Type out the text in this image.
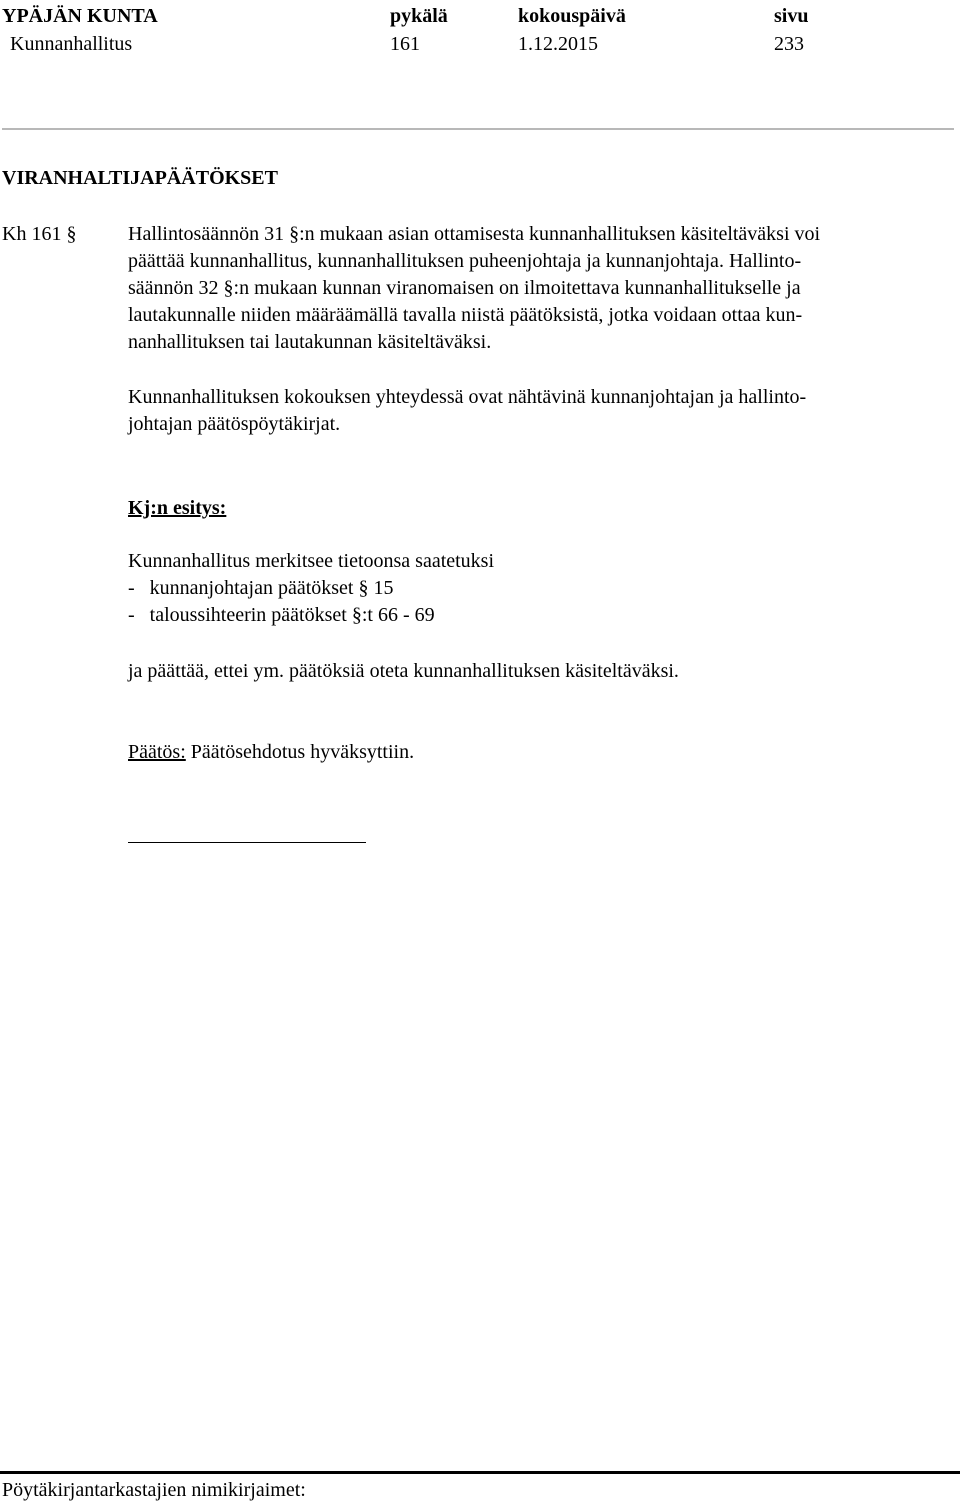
YPÄJÄN KUNTA	pykälä	kokouspäivä	sivu
Kunnanhallitus	161	1.12.2015	233
VIRANHALTIJAPÄÄTÖKSET
Kh 161 §	Hallintosäännön 31 §:n mukaan asian ottamisesta kunnanhallituksen käsiteltäväksi voi
päättää kunnanhallitus, kunnanhallituksen puheenjohtaja ja kunnanjohtaja. Hallinto-
säännön 32 §:n mukaan kunnan viranomaisen on ilmoitettava kunnanhallitukselle ja
lautakunnalle niiden määräämällä tavalla niistä päätöksistä, jotka voidaan ottaa kun-
nanhallituksen tai lautakunnan käsiteltäväksi.
Kunnanhallituksen kokouksen yhteydessä ovat nähtävinä kunnanjohtajan ja hallinto-
johtajan päätöspöytäkirjat.
Kj:n esitys:
Kunnanhallitus merkitsee tietoonsa saatetuksi
-   kunnanjohtajan päätökset § 15
-   taloussihteerin päätökset §:t 66 - 69
ja päättää, ettei ym. päätöksiä oteta kunnanhallituksen käsiteltäväksi.
Päätös: Päätösehdotus hyväksyttiin.
Pöytäkirjantarkastajien nimikirjaimet:
